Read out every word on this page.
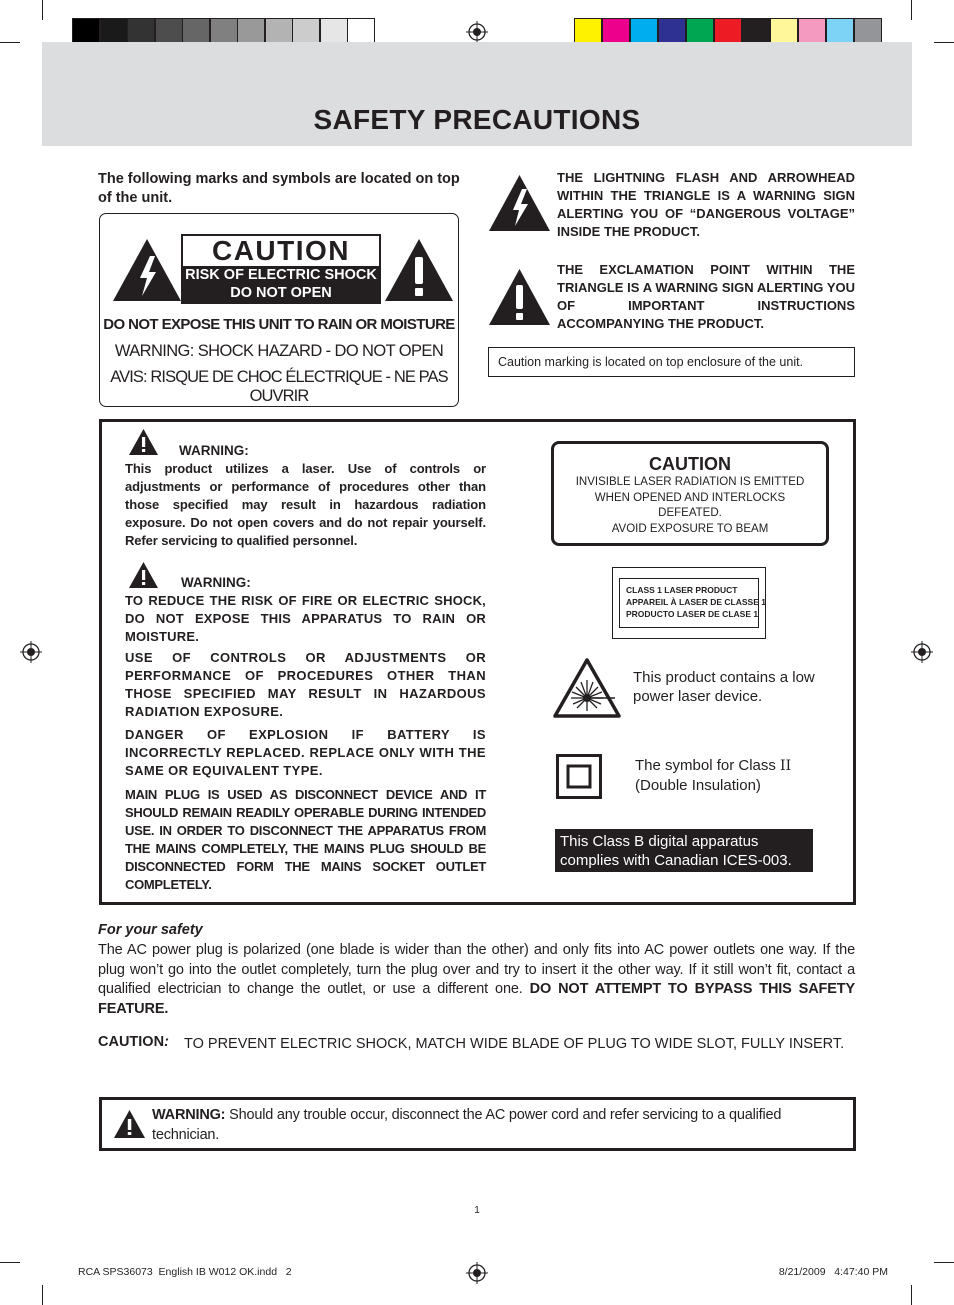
SAFETY PRECAUTIONS
The following marks and symbols are located on top of the unit.
CAUTION
RISK OF ELECTRIC SHOCK
DO NOT OPEN
DO NOT EXPOSE THIS UNIT TO RAIN OR MOISTURE
WARNING: SHOCK HAZARD - DO NOT OPEN
AVIS: RISQUE DE CHOC ÉLECTRIQUE - NE PAS OUVRIR
THE LIGHTNING FLASH AND ARROWHEAD WITHIN THE TRIANGLE IS A WARNING SIGN ALERTING YOU OF “DANGEROUS VOLTAGE” INSIDE THE PRODUCT.
THE EXCLAMATION POINT WITHIN THE TRIANGLE IS A WARNING SIGN ALERTING YOU OF IMPORTANT INSTRUCTIONS ACCOMPANYING THE PRODUCT.
Caution marking is located on top enclosure of the unit.
WARNING:
This product utilizes a laser. Use of controls or adjustments or performance of procedures other than those specified may result in hazardous radiation exposure. Do not open covers and do not repair yourself. Refer servicing to qualified personnel.
WARNING:
TO REDUCE THE RISK OF FIRE OR ELECTRIC SHOCK, DO NOT EXPOSE THIS APPARATUS TO RAIN OR MOISTURE.
USE OF CONTROLS OR ADJUSTMENTS OR PERFORMANCE OF PROCEDURES OTHER THAN THOSE SPECIFIED MAY RESULT IN HAZARDOUS RADIATION EXPOSURE.
DANGER OF EXPLOSION IF BATTERY IS INCORRECTLY REPLACED. REPLACE ONLY WITH THE SAME OR EQUIVALENT TYPE.
MAIN PLUG IS USED AS DISCONNECT DEVICE AND IT SHOULD REMAIN READILY OPERABLE DURING INTENDED USE. IN ORDER TO DISCONNECT THE APPARATUS FROM THE MAINS COMPLETELY, THE MAINS PLUG SHOULD BE DISCONNECTED FORM THE MAINS SOCKET OUTLET COMPLETELY.
CAUTION
INVISIBLE LASER RADIATION IS EMITTED
WHEN OPENED AND INTERLOCKS
DEFEATED.
AVOID EXPOSURE TO BEAM
CLASS 1 LASER PRODUCT
APPAREIL À LASER DE CLASSE 1
PRODUCTO LASER DE CLASE 1
This product contains a low power laser device.
The symbol for Class II
(Double Insulation)
This Class B digital apparatus
complies with Canadian ICES-003.
For your safety
The AC power plug is polarized (one blade is wider than the other) and only fits into AC power outlets one way. If the plug won’t go into the outlet completely, turn the plug over and try to insert it the other way. If it still won’t fit, contact a qualified electrician to change the outlet, or use a different one. DO NOT ATTEMPT TO BYPASS THIS SAFETY FEATURE.
CAUTION: TO PREVENT ELECTRIC SHOCK, MATCH WIDE BLADE OF PLUG TO WIDE SLOT, FULLY INSERT.
WARNING: Should any trouble occur, disconnect the AC power cord and refer servicing to a qualified technician.
1
RCA SPS36073  English IB W012 OK.indd   2	8/21/2009   4:47:40 PM
